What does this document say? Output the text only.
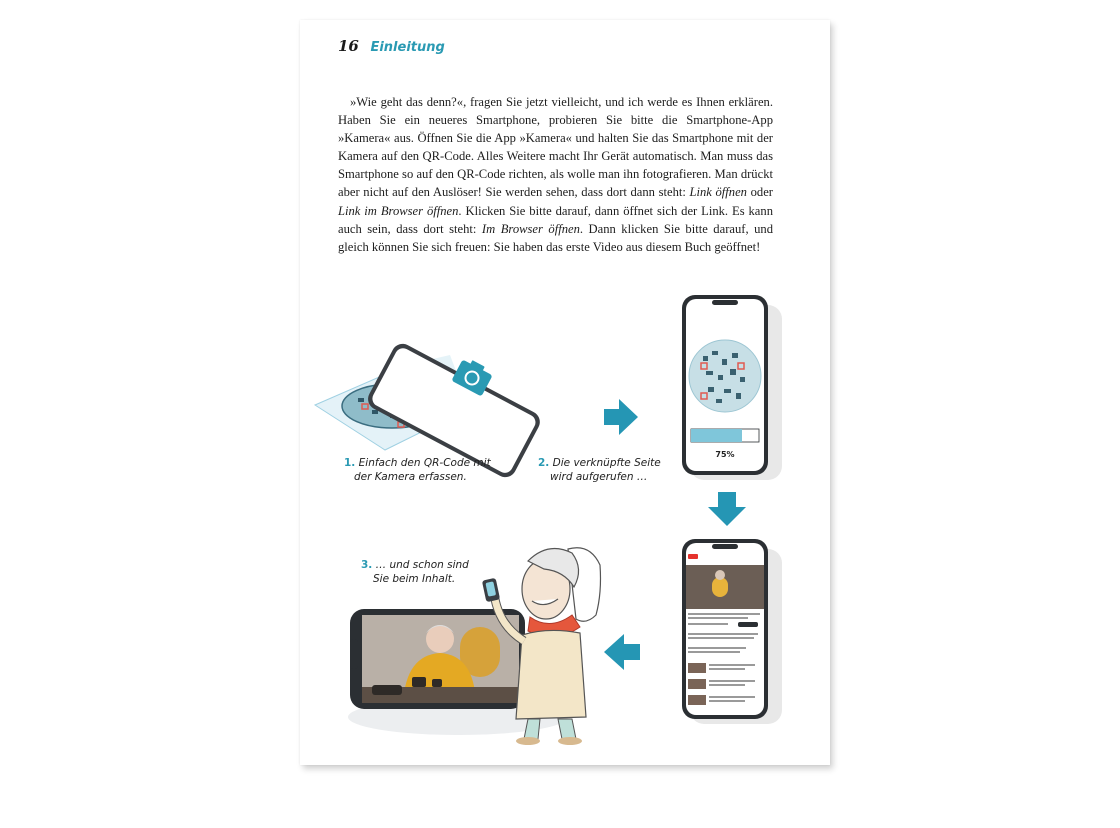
16 Einleitung

»Wie geht das denn?«, fragen Sie jetzt vielleicht, und ich werde es Ihnen erklären. Haben Sie ein neueres Smartphone, probieren Sie bitte die Smartphone-App »Kamera« aus. Öffnen Sie die App »Kamera« und halten Sie das Smartphone mit der Kamera auf den QR-Code. Alles Weitere macht Ihr Gerät automatisch. Man muss das Smartphone so auf den QR-Code richten, als wolle man ihn fotografieren. Man drückt aber nicht auf den Auslöser! Sie werden sehen, dass dort dann steht: Link öffnen oder Link im Browser öffnen. Klicken Sie bitte darauf, dann öffnet sich der Link. Es kann auch sein, dass dort steht: Im Browser öffnen. Dann klicken Sie bitte darauf, und gleich können Sie sich freuen: Sie haben das erste Video aus diesem Buch geöffnet!

75%
1. Einfach den QR-Code mit
der Kamera erfassen.
2. Die verknüpfte Seite
wird aufgerufen …
3. … und schon sind
Sie beim Inhalt.
